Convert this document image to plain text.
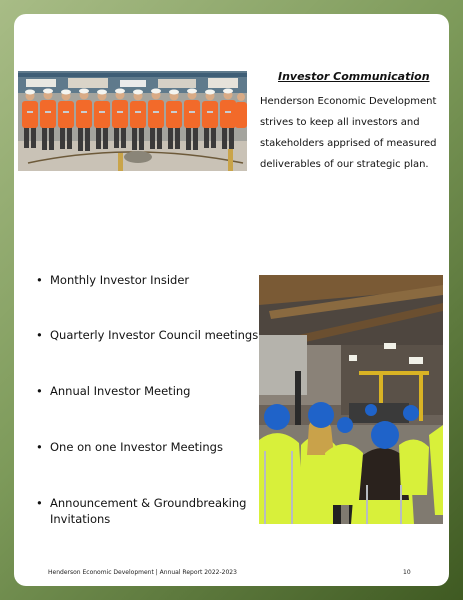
Investor Communication
Henderson Economic Development strives to keep all investors and stakeholders apprised of measured deliverables of our strategic plan.
• Monthly Investor Insider
• Quarterly Investor Council meetings
• Annual Investor Meeting
• One on one Investor Meetings
• Announcement & Groundbreaking Invitations
Henderson Economic Development | Annual Report 2022-2023	10
